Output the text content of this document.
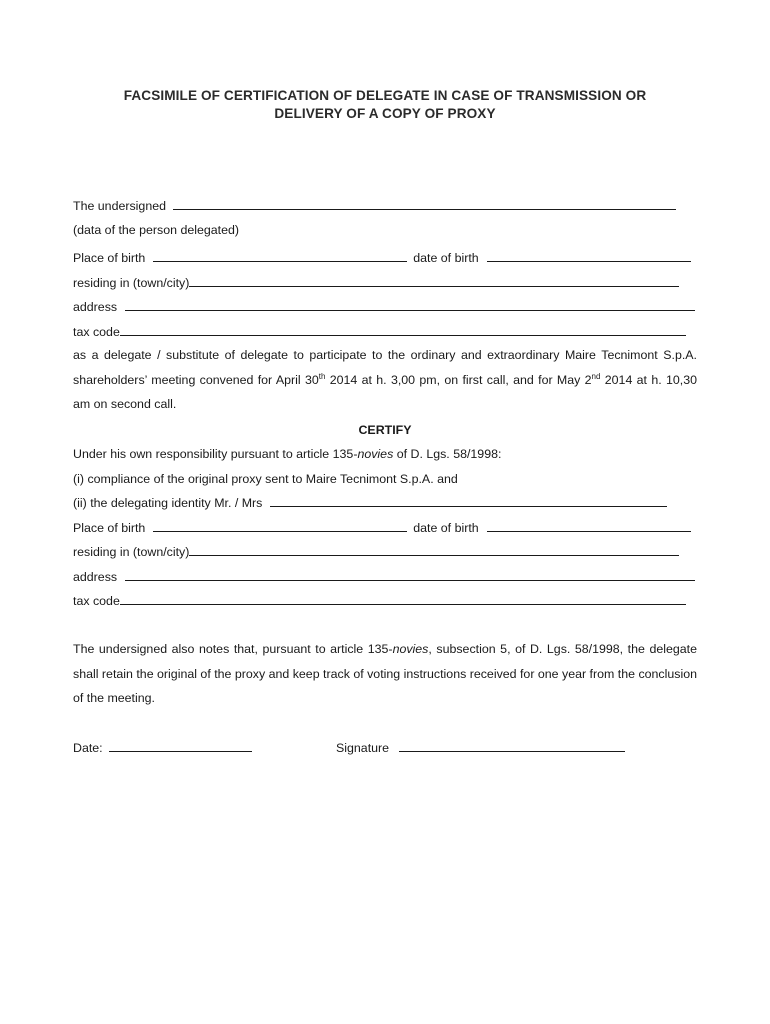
FACSIMILE OF CERTIFICATION OF DELEGATE IN CASE OF TRANSMISSION OR
DELIVERY OF A COPY OF PROXY
The undersigned
(data of the person delegated)
Place of birth	date of birth
residing in (town/city)
address
tax code
as a delegate / substitute of delegate to participate to the ordinary and extraordinary Maire Tecnimont S.p.A. shareholders’ meeting convened for April 30th 2014 at h. 3,00 pm, on first call, and for May 2nd 2014 at h. 10,30 am on second call.
CERTIFY
Under his own responsibility pursuant to article 135-novies of D. Lgs. 58/1998:
(i) compliance of the original proxy sent to Maire Tecnimont S.p.A. and
(ii) the delegating identity Mr. / Mrs
Place of birth	date of birth
residing in (town/city)
address
tax code
The undersigned also notes that, pursuant to article 135-novies, subsection 5, of D. Lgs. 58/1998, the delegate shall retain the original of the proxy and keep track of voting instructions received for one year from the conclusion of the meeting.
Date:	Signature
